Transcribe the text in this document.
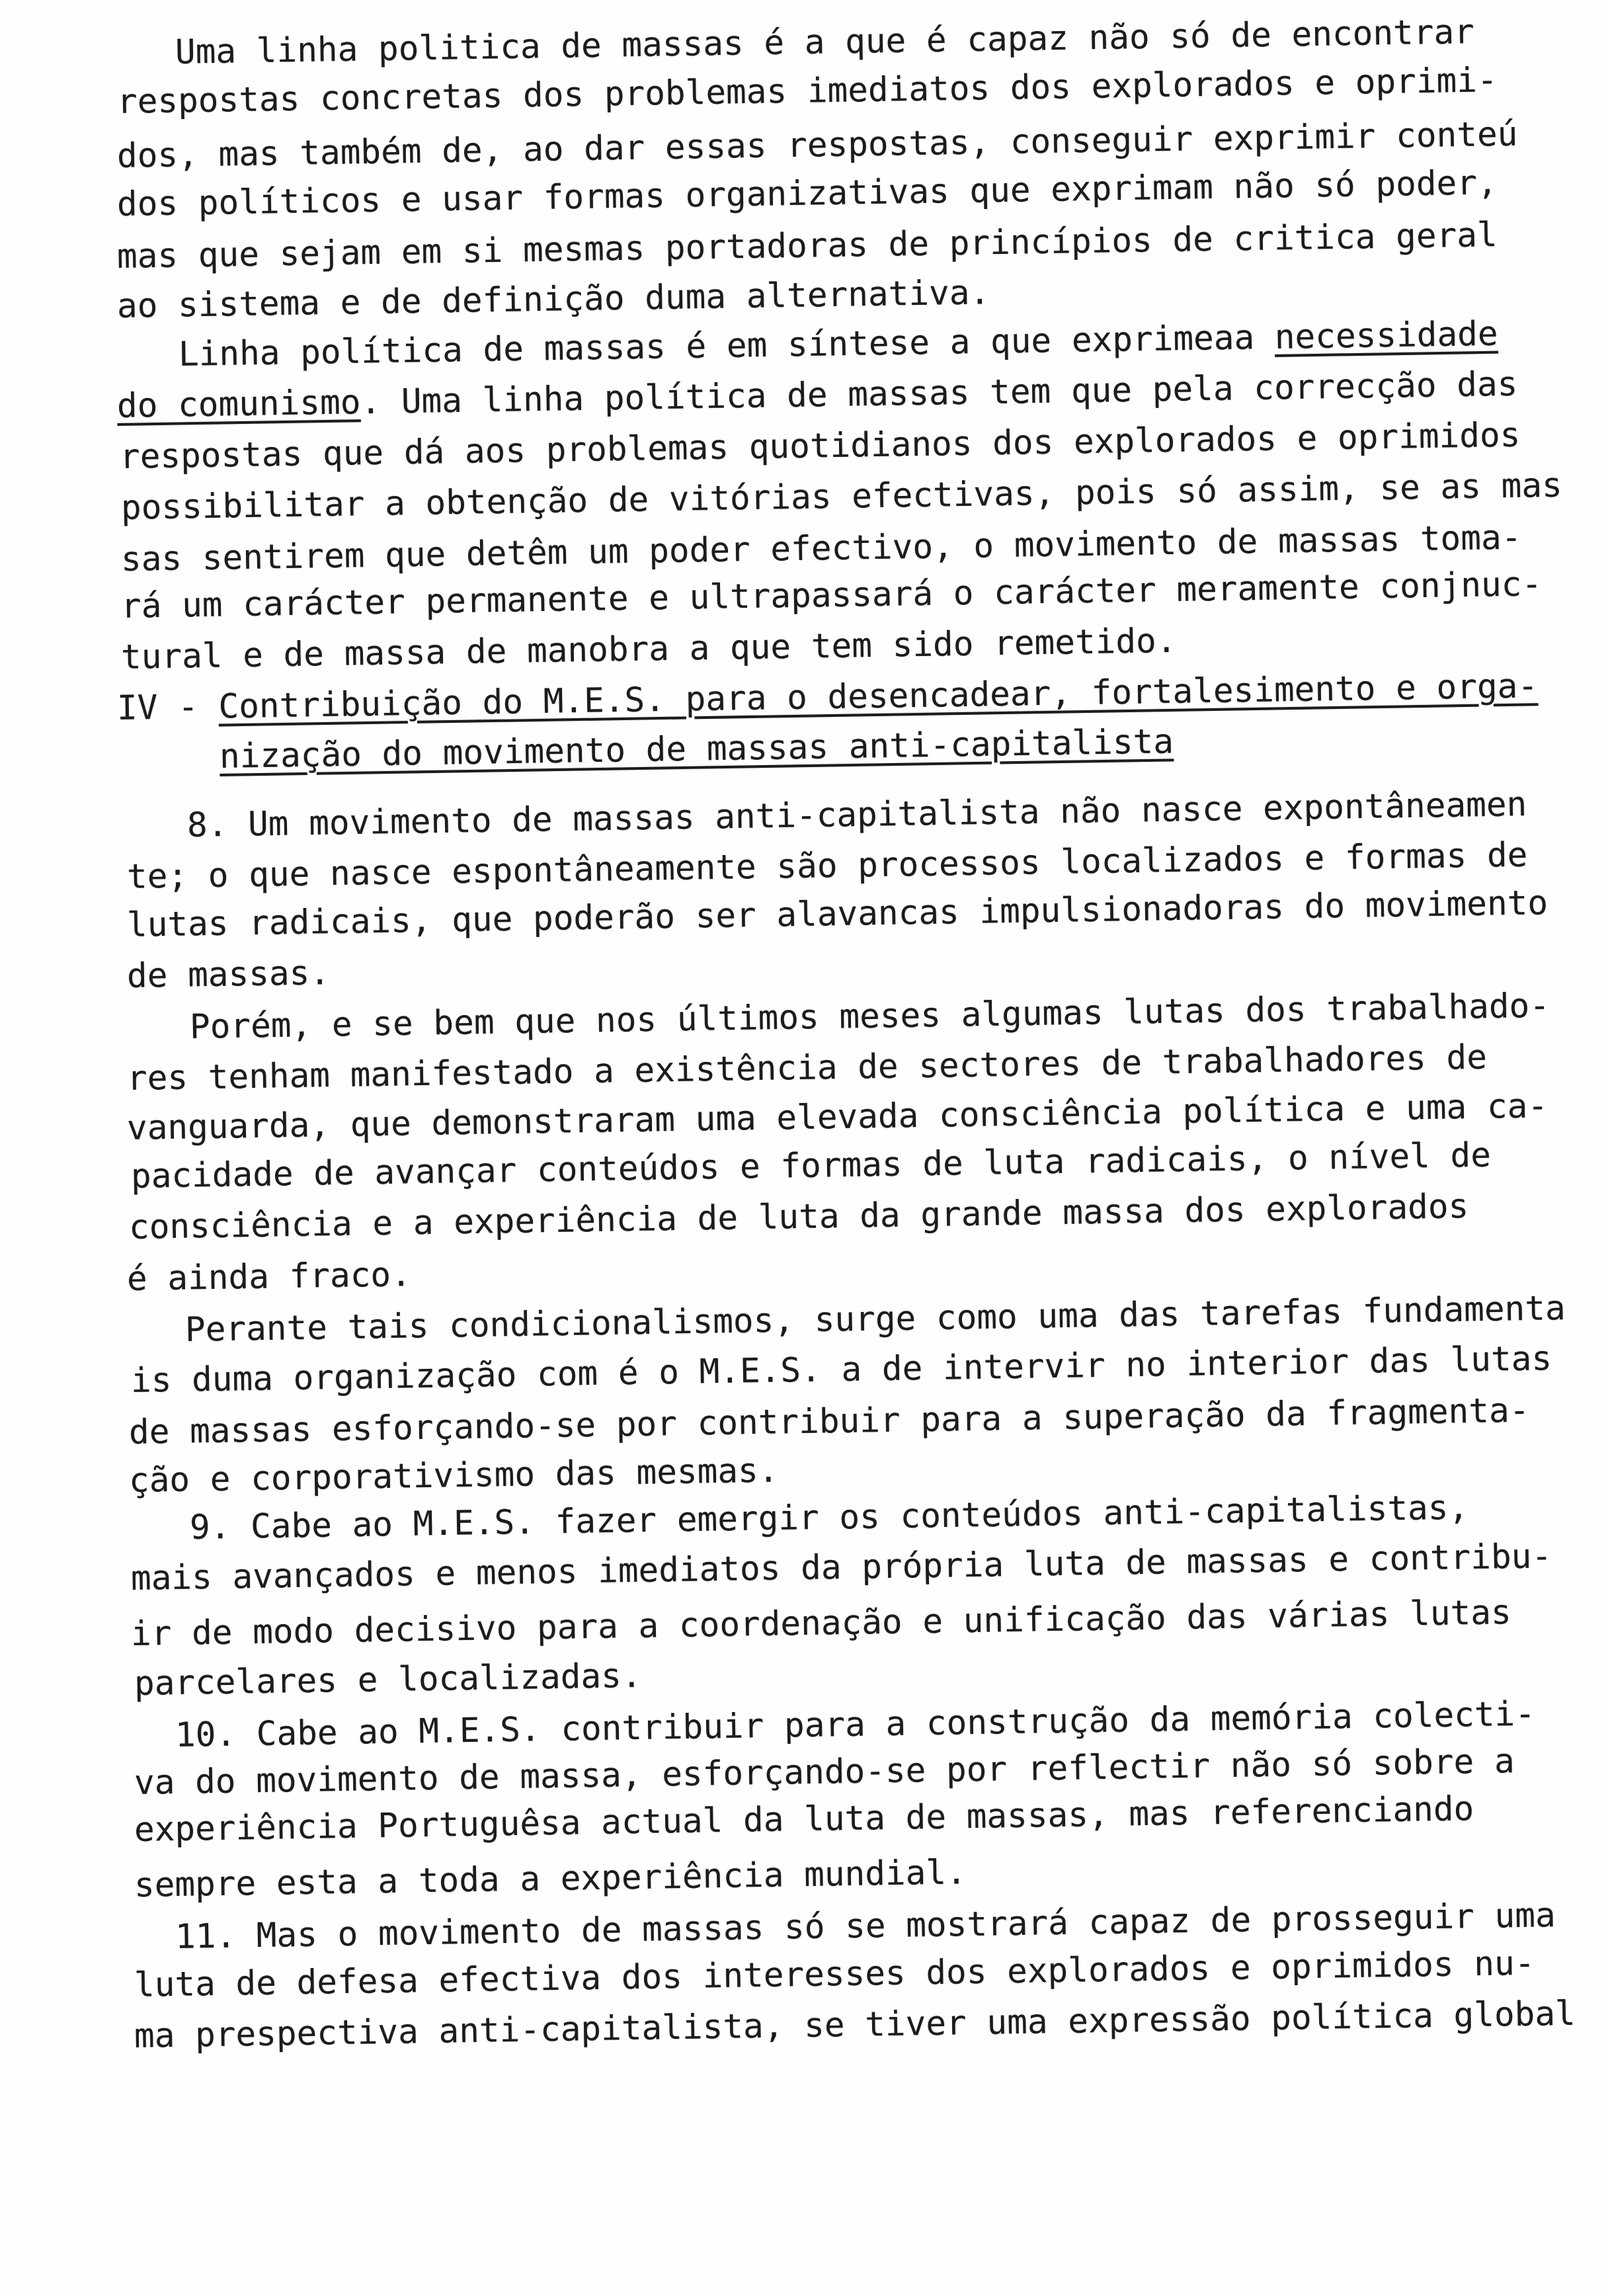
Uma linha politica de massas é a que é capaz não só de encontrar
respostas concretas dos problemas imediatos dos explorados e oprimi-
dos, mas também de, ao dar essas respostas, conseguir exprimir conteú
dos políticos e usar formas organizativas que exprimam não só poder,
mas que sejam em si mesmas portadoras de princípios de critica geral
ao sistema e de definição duma alternativa.
Linha política de massas é em síntese a que exprimeaa necessidade
do comunismo. Uma linha política de massas tem que pela correcção das
respostas que dá aos problemas quotidianos dos explorados e oprimidos
possibilitar a obtenção de vitórias efectivas, pois só assim, se as mas
sas sentirem que detêm um poder efectivo, o movimento de massas toma-
rá um carácter permanente e ultrapassará o carácter meramente conjnuc-
tural e de massa de manobra a que tem sido remetido.
IV - Contribuição do M.E.S. para o desencadear, fortalesimento e orga-
nização do movimento de massas anti-capitalista
8. Um movimento de massas anti-capitalista não nasce expontâneamen
te; o que nasce espontâneamente são processos localizados e formas de
lutas radicais, que poderão ser alavancas impulsionadoras do movimento
de massas.
Porém, e se bem que nos últimos meses algumas lutas dos trabalhado-
res tenham manifestado a existência de sectores de trabalhadores de
vanguarda, que demonstraram uma elevada consciência política e uma ca-
pacidade de avançar conteúdos e formas de luta radicais, o nível de
consciência e a experiência de luta da grande massa dos explorados
é ainda fraco.
Perante tais condicionalismos, surge como uma das tarefas fundamenta
is duma organização com é o M.E.S. a de intervir no interior das lutas
de massas esforçando-se por contribuir para a superação da fragmenta-
ção e corporativismo das mesmas.
9. Cabe ao M.E.S. fazer emergir os conteúdos anti-capitalistas,
mais avançados e menos imediatos da própria luta de massas e contribu-
ir de modo decisivo para a coordenação e unificação das várias lutas
parcelares e localizadas.
10. Cabe ao M.E.S. contribuir para a construção da memória colecti-
va do movimento de massa, esforçando-se por reflectir não só sobre a
experiência Portuguêsa actual da luta de massas, mas referenciando
sempre esta a toda a experiência mundial.
11. Mas o movimento de massas só se mostrará capaz de prosseguir uma
luta de defesa efectiva dos interesses dos explorados e oprimidos nu-
ma prespectiva anti-capitalista, se tiver uma expressão política global
